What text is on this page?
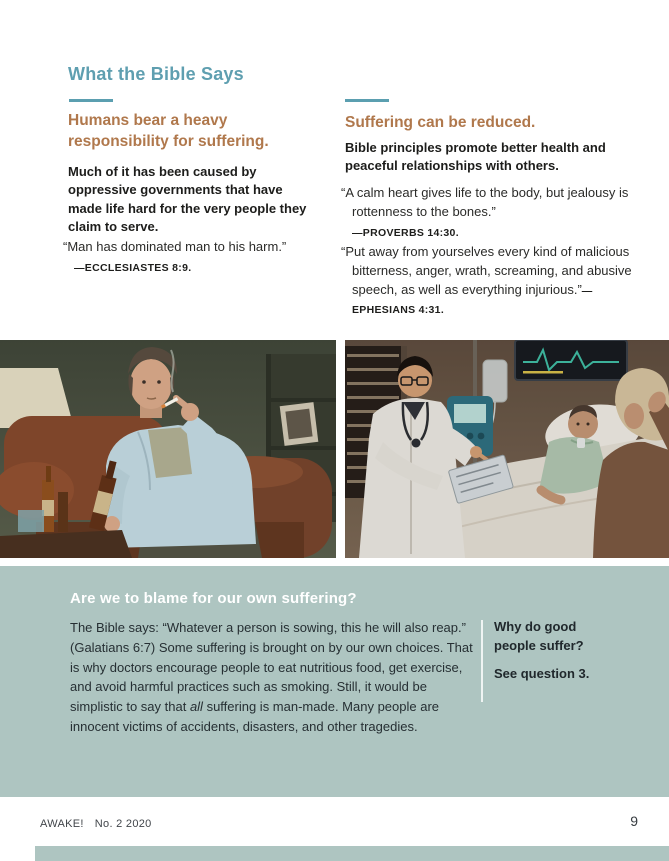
What the Bible Says
Humans bear a heavy responsibility for suffering.
Much of it has been caused by oppressive governments that have made life hard for the very people they claim to serve.

“Man has dominated man to his harm.”
—ECCLESIASTES 8:9.

Suffering can be reduced.
Bible principles promote better health and peaceful relationships with others.

“A calm heart gives life to the body, but jealousy is rottenness to the bones.”
—PROVERBS 14:30.

“Put away from yourselves every kind of malicious bitterness, anger, wrath, screaming, and abusive speech, as well as everything injurious.”—EPHESIANS 4:31.

Are we to blame for our own suffering?

The Bible says: “Whatever a person is sowing, this he will also reap.” (Galatians 6:7) Some suffering is brought on by our own choices. That is why doctors encourage people to eat nutritious food, get exercise, and avoid harmful practices such as smoking. Still, it would be simplistic to say that all suffering is man-made. Many people are innocent victims of accidents, disasters, and other tragedies.

Why do good people suffer?
See question 3.
AWAKE! No. 2 2020	9
